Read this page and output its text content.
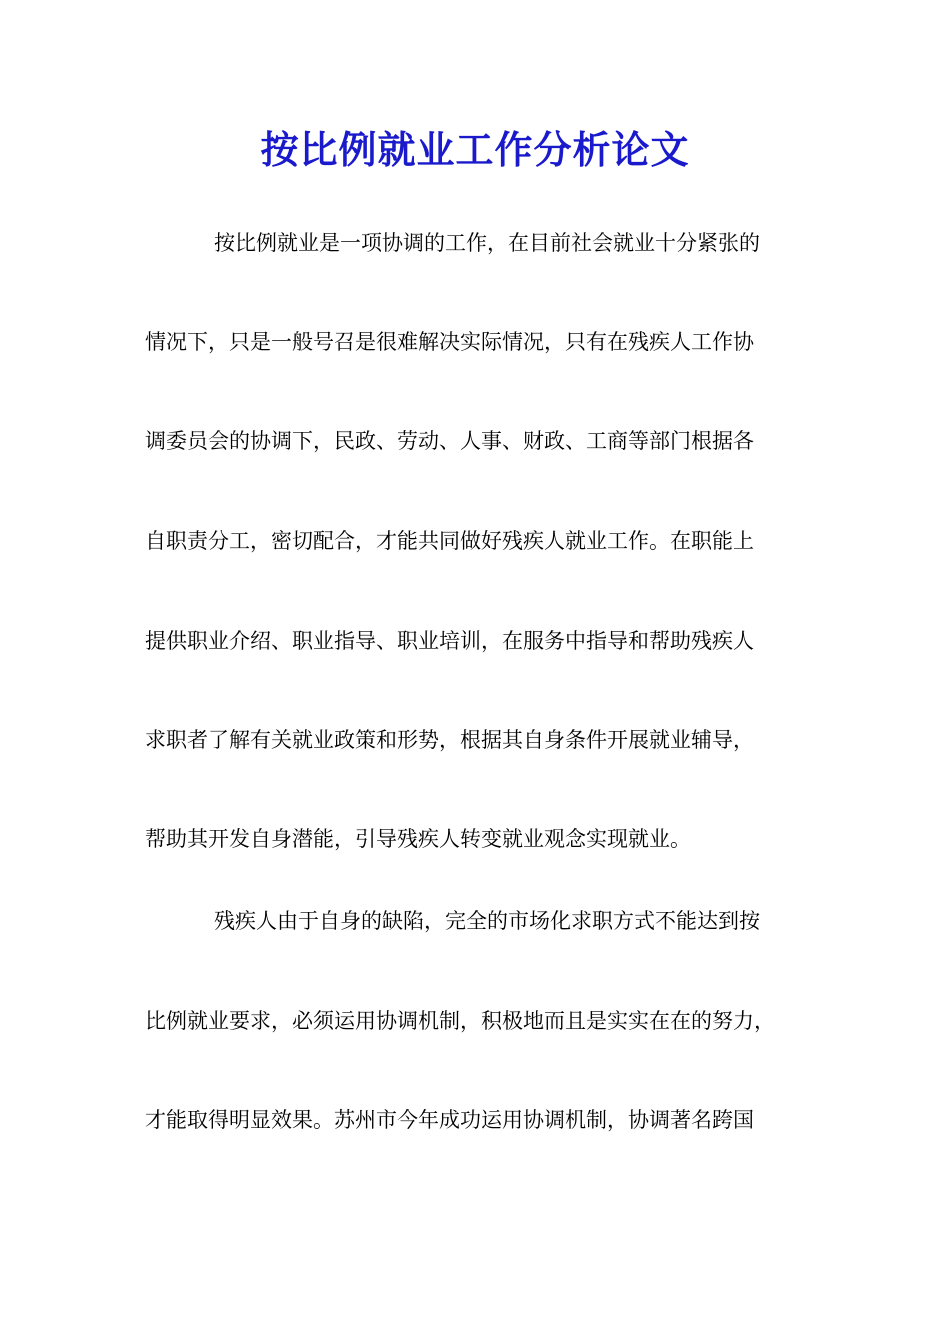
按比例就业工作分析论文
按比例就业是一项协调的工作，在目前社会就业十分紧张的
情况下，只是一般号召是很难解决实际情况，只有在残疾人工作协
调委员会的协调下，民政、劳动、人事、财政、工商等部门根据各
自职责分工，密切配合，才能共同做好残疾人就业工作。在职能上
提供职业介绍、职业指导、职业培训，在服务中指导和帮助残疾人
求职者了解有关就业政策和形势，根据其自身条件开展就业辅导，
帮助其开发自身潜能，引导残疾人转变就业观念实现就业。
残疾人由于自身的缺陷，完全的市场化求职方式不能达到按
比例就业要求，必须运用协调机制，积极地而且是实实在在的努力，
才能取得明显效果。苏州市今年成功运用协调机制，协调著名跨国
